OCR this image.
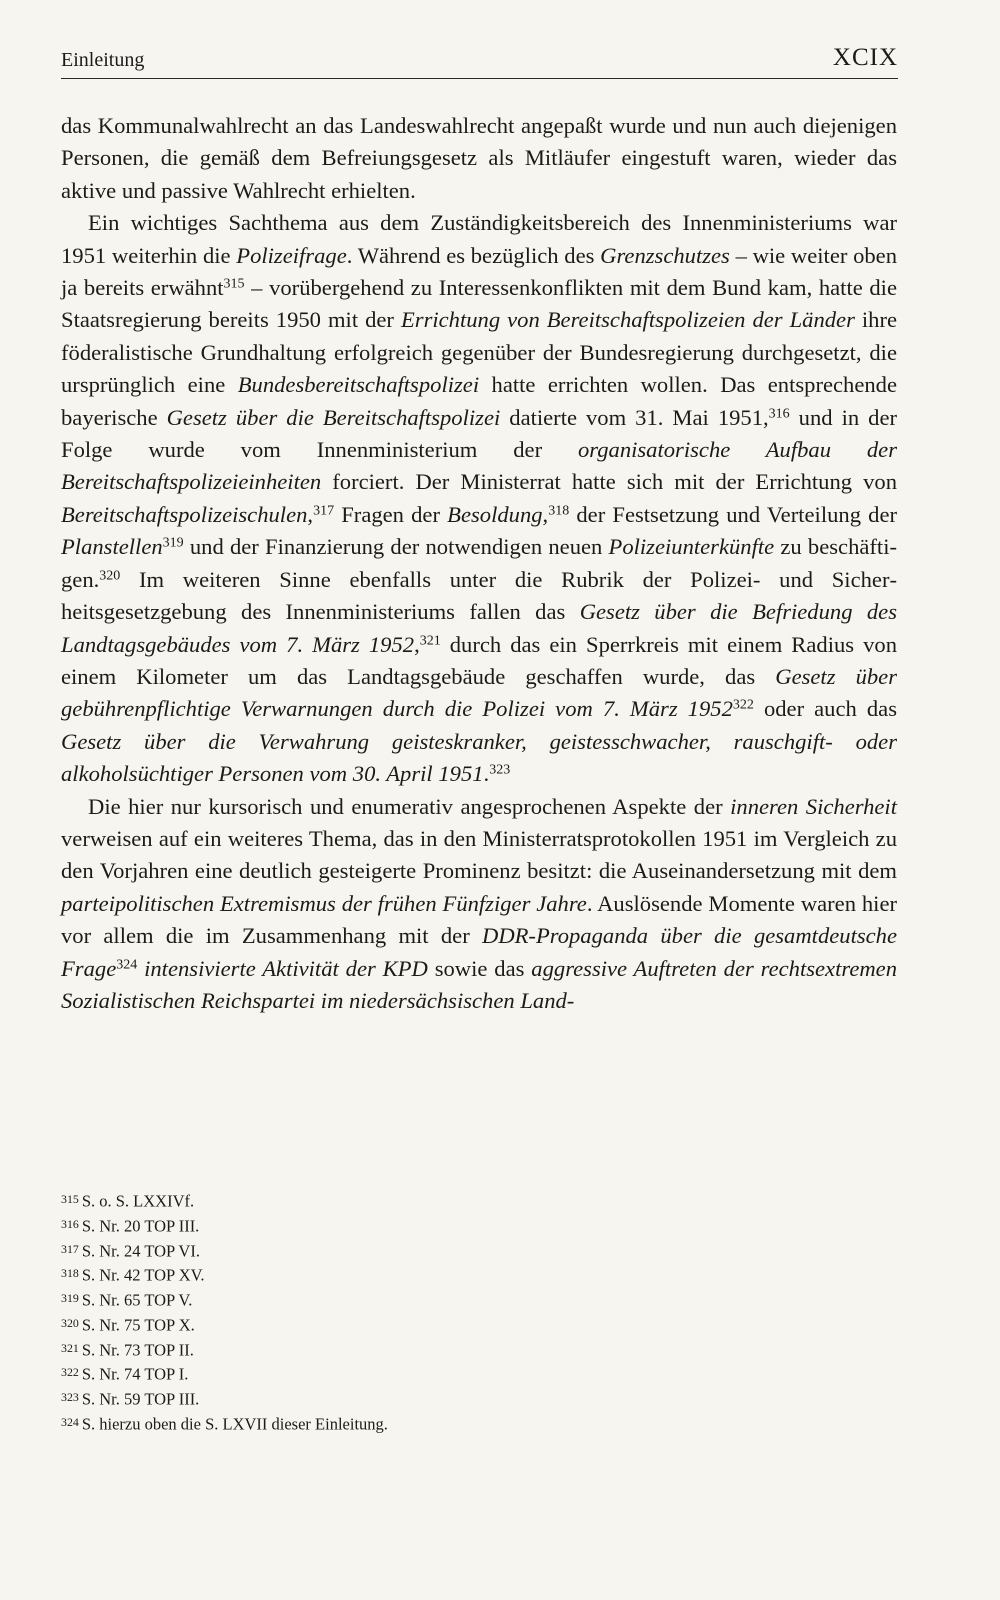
Einleitung	XCIX

das Kommunalwahlrecht an das Landeswahlrecht angepaßt wurde und nun auch diejenigen Personen, die gemäß dem Befreiungsgesetz als Mitläufer eingestuft waren, wieder das aktive und passive Wahlrecht erhielten.

Ein wichtiges Sachthema aus dem Zuständigkeitsbereich des Innenministeriums war 1951 weiterhin die Polizeifrage. Während es bezüglich des Grenzschutzes – wie weiter oben ja bereits erwähnt$^{315}$ – vorübergehend zu Interessenkonflikten mit dem Bund kam, hatte die Staatsregierung bereits 1950 mit der Errichtung von Bereitschaftspolizeien der Länder ihre föderalistische Grundhaltung erfolgreich gegenüber der Bundesregierung durchgesetzt, die ursprünglich eine Bundesbereitschaftspolizei hatte errichten wollen. Das entsprechende bayerische Gesetz über die Bereitschaftspolizei datierte vom 31. Mai 1951,$^{316}$ und in der Folge wurde vom Innenministerium der organisatorische Aufbau der Bereitschaftspolizeieinheiten forciert. Der Ministerrat hatte sich mit der Errichtung von Bereitschaftspolizeischulen,$^{317}$ Fragen der Besoldung,$^{318}$ der Festsetzung und Verteilung der Planstellen$^{319}$ und der Finanzierung der notwendigen neuen Polizeiunterkünfte zu beschäftigen.$^{320}$ Im weiteren Sinne ebenfalls unter die Rubrik der Polizei- und Sicherheitsgesetzgebung des Innenministeriums fallen das Gesetz über die Befriedung des Landtagsgebäudes vom 7. März 1952,$^{321}$ durch das ein Sperrkreis mit einem Radius von einem Kilometer um das Landtagsgebäude geschaffen wurde, das Gesetz über gebührenpflichtige Verwarnungen durch die Polizei vom 7. März 1952$^{322}$ oder auch das Gesetz über die Verwahrung geisteskranker, geistesschwacher, rauschgift- oder alkoholsüchtiger Personen vom 30. April 1951.$^{323}$

Die hier nur kursorisch und enumerativ angesprochenen Aspekte der inneren Sicherheit verweisen auf ein weiteres Thema, das in den Ministerratsprotokollen 1951 im Vergleich zu den Vorjahren eine deutlich gesteigerte Prominenz besitzt: die Auseinandersetzung mit dem parteipolitischen Extremismus der frühen Fünfziger Jahre. Auslösende Momente waren hier vor allem die im Zusammenhang mit der DDR-Propaganda über die gesamtdeutsche Frage$^{324}$ intensivierte Aktivität der KPD sowie das aggressive Auftreten der rechtsextremen Sozialistischen Reichspartei im niedersächsischen Land-

$^{315}$ S. o. S. LXXIVf.
$^{316}$ S. Nr. 20 TOP III.
$^{317}$ S. Nr. 24 TOP VI.
$^{318}$ S. Nr. 42 TOP XV.
$^{319}$ S. Nr. 65 TOP V.
$^{320}$ S. Nr. 75 TOP X.
$^{321}$ S. Nr. 73 TOP II.
$^{322}$ S. Nr. 74 TOP I.
$^{323}$ S. Nr. 59 TOP III.
$^{324}$ S. hierzu oben die S. LXVII dieser Einleitung.
